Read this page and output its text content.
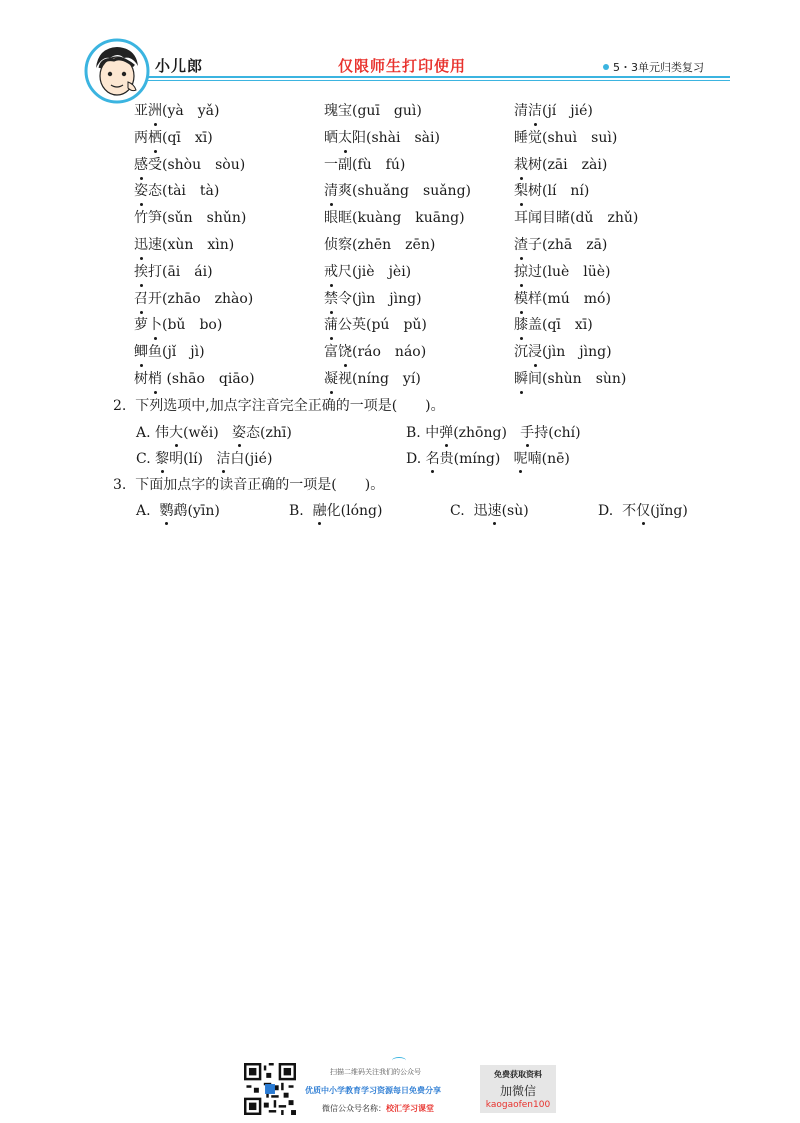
小儿郎	仅限师生打印使用	5・3单元归类复习
亚洲(yà　yǎ)	瑰宝(guī　guì)	清洁(jí　jié)
两栖(qī　xī)	晒太阳(shài　sài)	睡觉(shuì　suì)
感受(shòu　sòu)	一副(fù　fú)	栽树(zāi　zài)
姿态(tài　tà)	清爽(shuǎng　suǎng)	梨树(lí　ní)
竹笋(sǔn　shǔn)	眼眶(kuàng　kuāng)	耳闻目睹(dǔ　zhǔ)
迅速(xùn　xìn)	侦察(zhēn　zēn)	渣子(zhā　zā)
挨打(āi　ái)	戒尺(jiè　jèi)	掠过(luè　lüè)
召开(zhāo　zhào)	禁令(jìn　jìng)	模样(mú　mó)
萝卜(bǔ　bo)	蒲公英(pú　pǔ)	膝盖(qī　xī)
鲫鱼(jǐ　jì)	富饶(ráo　náo)	沉浸(jìn　jìng)
树梢 (shāo　qiāo)	凝视(níng　yí)	瞬间(shùn　sùn)
2. 下列选项中,加点字注音完全正确的一项是(　　)。
A. 伟大(wěi) 姿态(zhī)	B. 中弹(zhōng) 手持(chí)
C. 黎明(lí) 洁白(jié)	D. 名贵(míng) 呢喃(nē)
3. 下面加点字的读音正确的一项是(　　)。
A. 鹦鹉(yīn)	B. 融化(lóng)	C. 迅速(sù)	D. 不仅(jǐng)
扫描二维码关注我们的公众号
优质中小学教育学习资源每日免费分享
微信公众号名称：校汇学习课堂
免费获取资料
加微信
kaogaofen100
